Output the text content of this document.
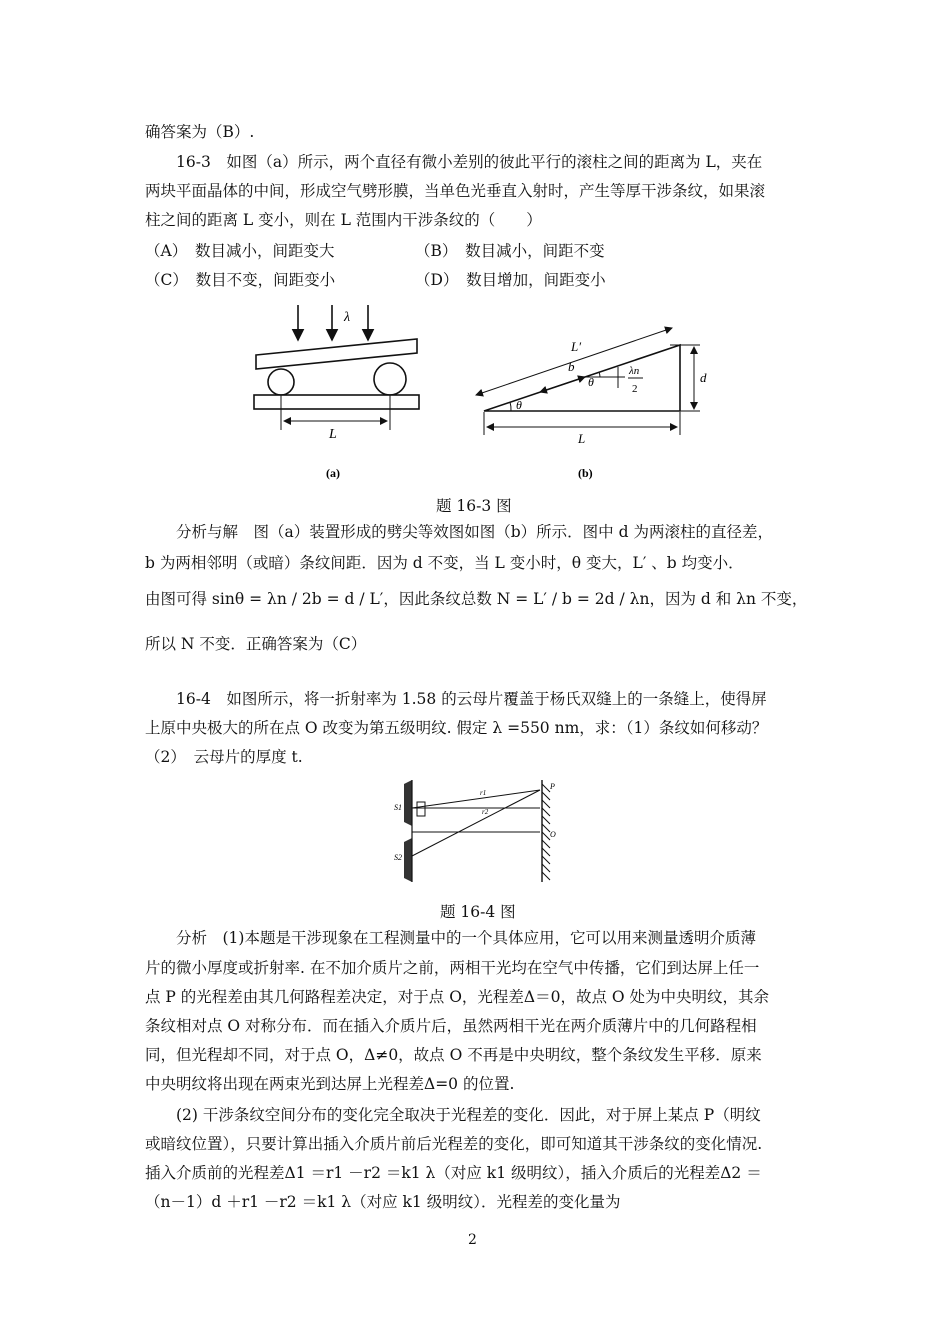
确答案为（B）.
16-3　如图（a）所示，两个直径有微小差别的彼此平行的滚柱之间的距离为 L，夹在
两块平面晶体的中间，形成空气劈形膜，当单色光垂直入射时，产生等厚干涉条纹，如果滚
柱之间的距离 L 变小，则在 L 范围内干涉条纹的（　　）
（A）　数目减小，间距变大	（B）　数目减小，间距不变
（C）　数目不变，间距变小	（D）　数目增加，间距变小
λ
L
(a)
L′
b
θ
θ
λn
2
d
L
(b)
题 16-3 图
分析与解　图（a）装置形成的劈尖等效图如图（b）所示．图中 d 为两滚柱的直径差，
b 为两相邻明（或暗）条纹间距．因为 d 不变，当 L 变小时，θ 变大，L′ 、b 均变小．
由图可得 sinθ = λn / 2b = d / L′，因此条纹总数 N = L′ / b = 2d / λn，因为 d 和 λn 不变，
所以 N 不变．正确答案为（C）
16-4　如图所示，将一折射率为 1.58 的云母片覆盖于杨氏双缝上的一条缝上，使得屏
上原中央极大的所在点 O 改变为第五级明纹. 假定 λ =550 nm，求：（1）条纹如何移动？
（2）　云母片的厚度 t.
S1
S2
r1
r2
P
O
题 16-4 图
分析　(1)本题是干涉现象在工程测量中的一个具体应用，它可以用来测量透明介质薄
片的微小厚度或折射率. 在不加介质片之前，两相干光均在空气中传播，它们到达屏上任一
点 P 的光程差由其几何路程差决定，对于点 O，光程差Δ＝0，故点 O 处为中央明纹，其余
条纹相对点 O 对称分布．而在插入介质片后，虽然两相干光在两介质薄片中的几何路程相
同，但光程却不同，对于点 O，Δ≠0，故点 O 不再是中央明纹，整个条纹发生平移．原来
中央明纹将出现在两束光到达屏上光程差Δ=0 的位置.
(2) 干涉条纹空间分布的变化完全取决于光程差的变化．因此，对于屏上某点 P（明纹
或暗纹位置），只要计算出插入介质片前后光程差的变化，即可知道其干涉条纹的变化情况.
插入介质前的光程差Δ1 ＝r1 －r2 ＝k1 λ（对应 k1 级明纹），插入介质后的光程差Δ2 ＝
（n－1）d ＋r1 －r2 ＝k1 λ（对应 k1 级明纹）．光程差的变化量为
2
